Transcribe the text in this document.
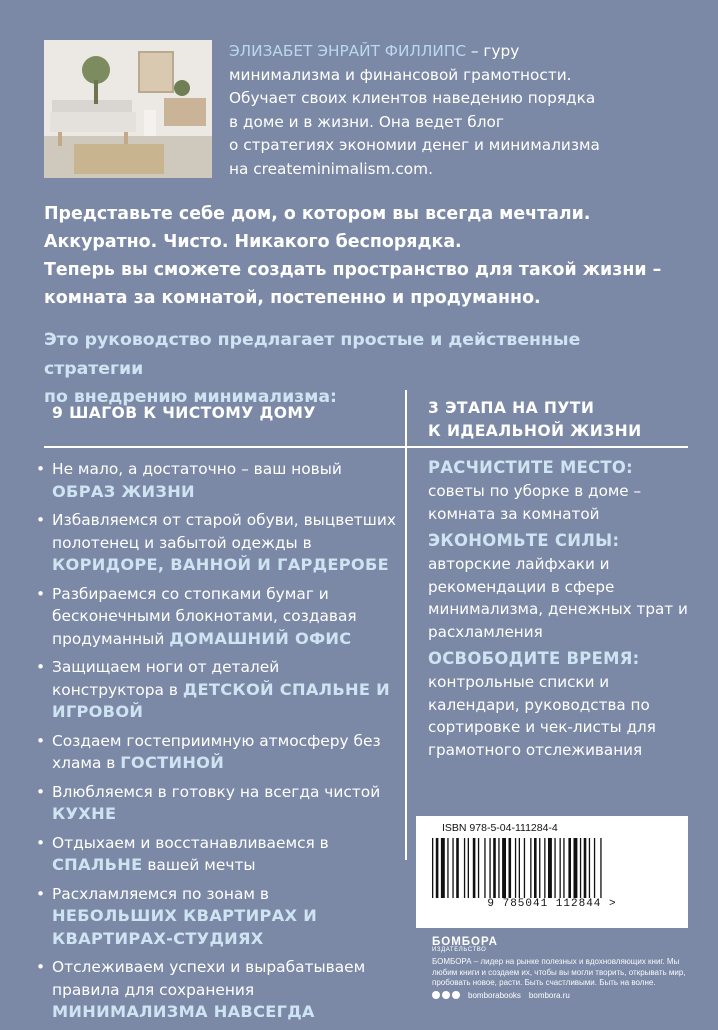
ЭЛИЗАБЕТ ЭНРАЙТ ФИЛЛИПС – гуру
минимализма и финансовой грамотности.
Обучает своих клиентов наведению порядка
в доме и в жизни. Она ведет блог
о стратегиях экономии денег и минимализма
на createminimalism.com.

Представьте себе дом, о котором вы всегда мечтали.

Аккуратно. Чисто. Никакого беспорядка.

Теперь вы сможете создать пространство для такой жизни –

комната за комнатой, постепенно и продуманно.

Это руководство предлагает простые и действенные стратегии
по внедрению минимализма:
9 ШАГОВ К ЧИСТОМУ ДОМУ	3 ЭТАПА НА ПУТИ
К ИДЕАЛЬНОЙ ЖИЗНИ
• Не мало, а достаточно – ваш новый ОБРАЗ ЖИЗНИ
• Избавляемся от старой обуви, выцветших полотенец и забытой одежды в КОРИДОРЕ, ВАННОЙ И ГАРДЕРОБЕ
• Разбираемся со стопками бумаг и бесконечными блокнотами, создавая продуманный ДОМАШНИЙ ОФИС
• Защищаем ноги от деталей конструктора в ДЕТСКОЙ СПАЛЬНЕ И ИГРОВОЙ
• Создаем гостеприимную атмосферу без хлама в ГОСТИНОЙ
• Влюбляемся в готовку на всегда чистой КУХНЕ
• Отдыхаем и восстанавливаемся в СПАЛЬНЕ вашей мечты
• Расхламляемся по зонам в НЕБОЛЬШИХ КВАРТИРАХ И КВАРТИРАХ-СТУДИЯХ
• Отслеживаем успехи и вырабатываем правила для сохранения МИНИМАЛИЗМА НАВСЕГДА
РАСЧИСТИТЕ МЕСТО:
советы по уборке в доме – комната за комнатой
ЭКОНОМЬТЕ СИЛЫ:
авторские лайфхаки и рекомендации в сфере минимализма, денежных трат и расхламления
ОСВОБОДИТЕ ВРЕМЯ:
контрольные списки и календари, руководства по сортировке и чек-листы для грамотного отслеживания
ISBN 978-5-04-111284-4
9 785041 112844 >
БОМБОРА
ИЗДАТЕЛЬСТВО
БОМБОРА – лидер на рынке полезных и вдохновляющих книг. Мы любим книги и создаем их, чтобы вы могли творить, открывать мир, пробовать новое, расти. Быть счастливыми. Быть на волне.
bomborabooks bombora.ru
